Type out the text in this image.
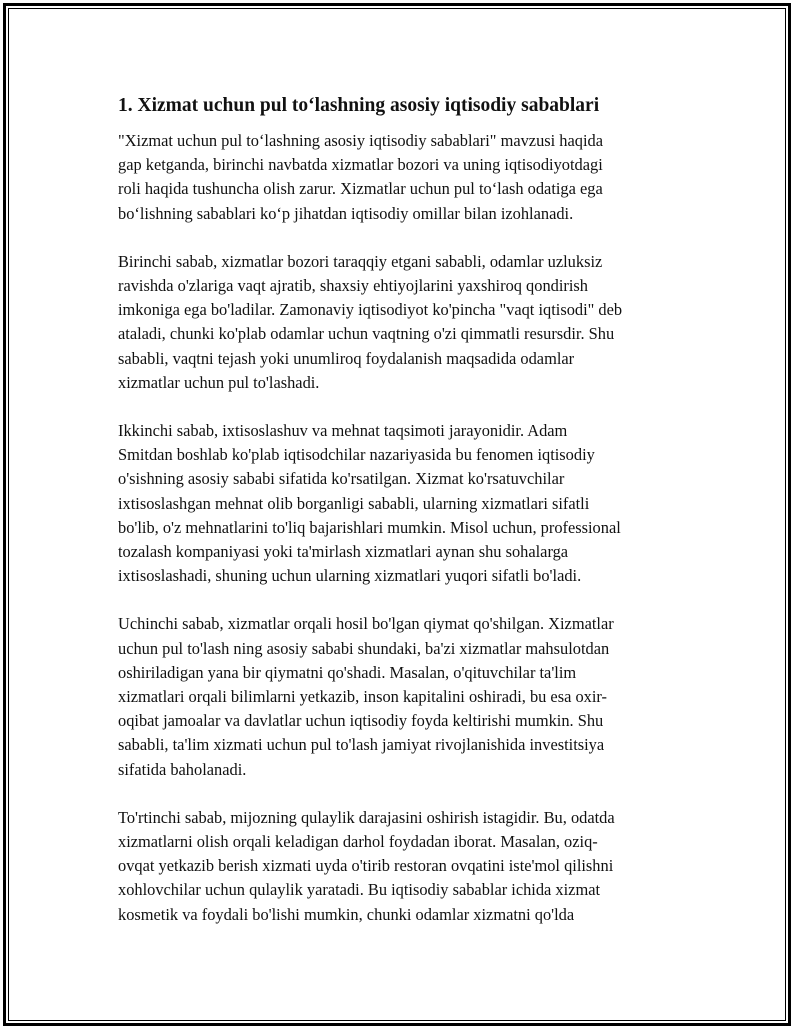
1. Xizmat uchun pul to‘lashning asosiy iqtisodiy sabablari

"Xizmat uchun pul to‘lashning asosiy iqtisodiy sabablari" mavzusi haqida
gap ketganda, birinchi navbatda xizmatlar bozori va uning iqtisodiyotdagi
roli haqida tushuncha olish zarur. Xizmatlar uchun pul to‘lash odatiga ega
bo‘lishning sabablari ko‘p jihatdan iqtisodiy omillar bilan izohlanadi.

Birinchi sabab, xizmatlar bozori taraqqiy etgani sababli, odamlar uzluksiz
ravishda o'zlariga vaqt ajratib, shaxsiy ehtiyojlarini yaxshiroq qondirish
imkoniga ega bo'ladilar. Zamonaviy iqtisodiyot ko'pincha "vaqt iqtisodi" deb
ataladi, chunki ko'plab odamlar uchun vaqtning o'zi qimmatli resursdir. Shu
sababli, vaqtni tejash yoki unumliroq foydalanish maqsadida odamlar
xizmatlar uchun pul to'lashadi.

Ikkinchi sabab, ixtisoslashuv va mehnat taqsimoti jarayonidir. Adam
Smitdan boshlab ko'plab iqtisodchilar nazariyasida bu fenomen iqtisodiy
o'sishning asosiy sababi sifatida ko'rsatilgan. Xizmat ko'rsatuvchilar
ixtisoslashgan mehnat olib borganligi sababli, ularning xizmatlari sifatli
bo'lib, o'z mehnatlarini to'liq bajarishlari mumkin. Misol uchun, professional
tozalash kompaniyasi yoki ta'mirlash xizmatlari aynan shu sohalarga
ixtisoslashadi, shuning uchun ularning xizmatlari yuqori sifatli bo'ladi.

Uchinchi sabab, xizmatlar orqali hosil bo'lgan qiymat qo'shilgan. Xizmatlar
uchun pul to'lash ning asosiy sababi shundaki, ba'zi xizmatlar mahsulotdan
oshiriladigan yana bir qiymatni qo'shadi. Masalan, o'qituvchilar ta'lim
xizmatlari orqali bilimlarni yetkazib, inson kapitalini oshiradi, bu esa oxir-
oqibat jamoalar va davlatlar uchun iqtisodiy foyda keltirishi mumkin. Shu
sababli, ta'lim xizmati uchun pul to'lash jamiyat rivojlanishida investitsiya
sifatida baholanadi.

To'rtinchi sabab, mijozning qulaylik darajasini oshirish istagidir. Bu, odatda
xizmatlarni olish orqali keladigan darhol foydadan iborat. Masalan, oziq-
ovqat yetkazib berish xizmati uyda o'tirib restoran ovqatini iste'mol qilishni
xohlovchilar uchun qulaylik yaratadi. Bu iqtisodiy sabablar ichida xizmat
kosmetik va foydali bo'lishi mumkin, chunki odamlar xizmatni qo'lda
